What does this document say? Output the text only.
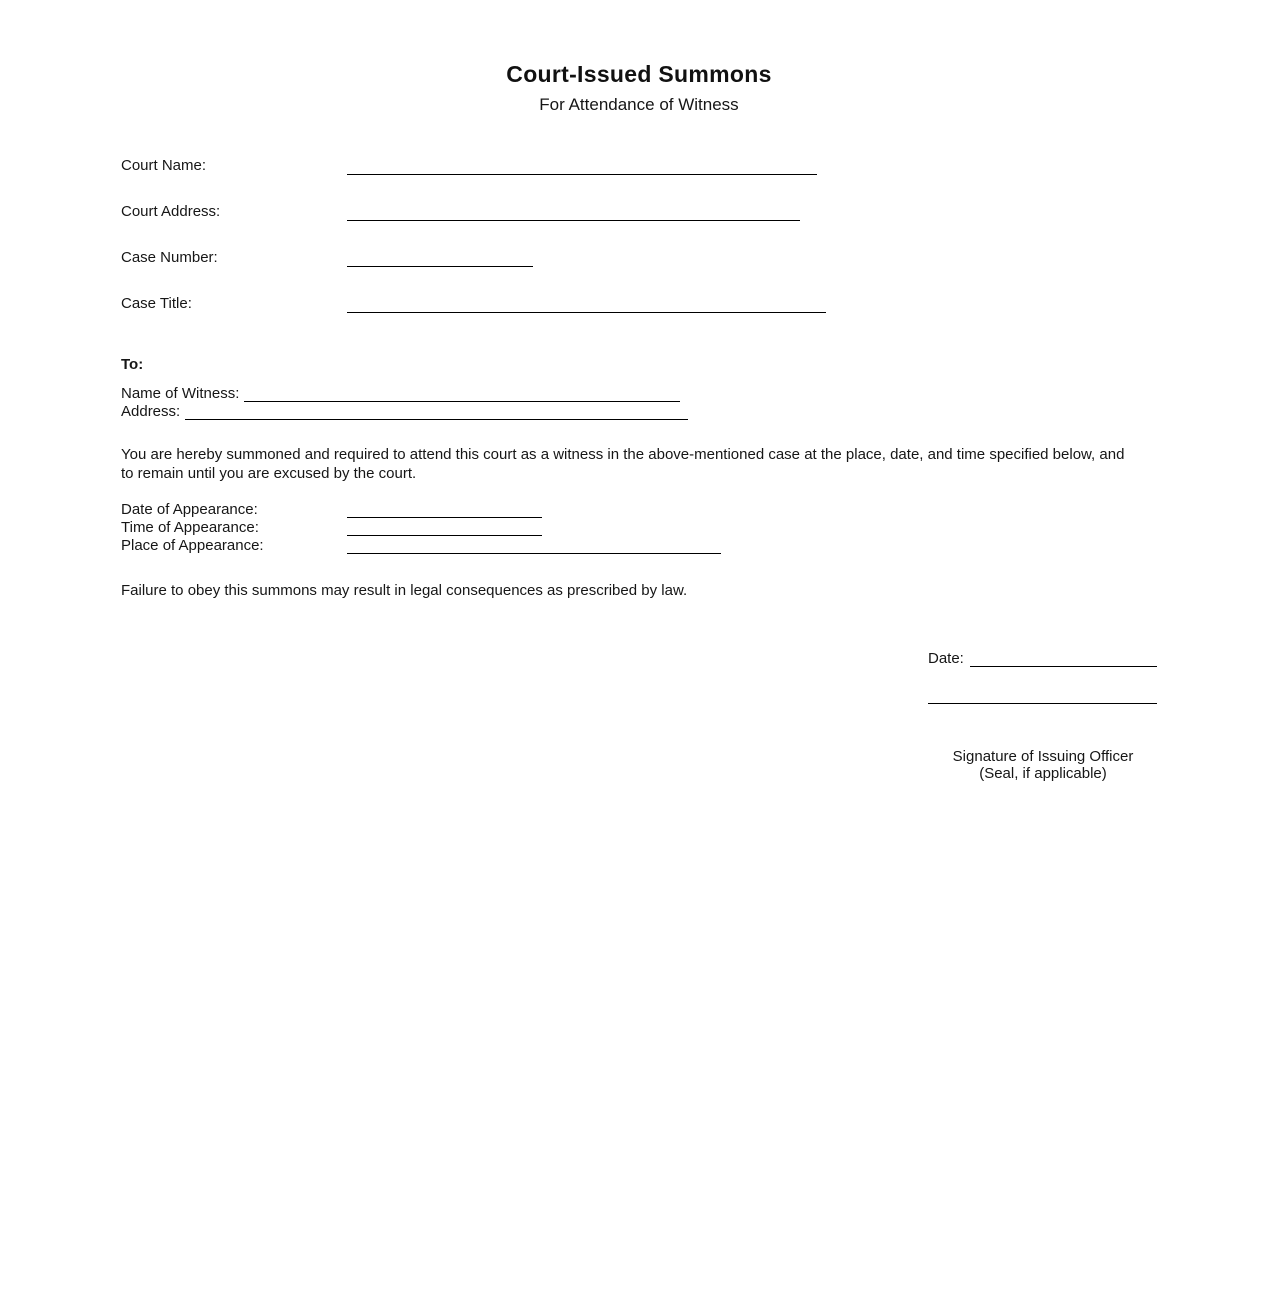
Court-Issued Summons
For Attendance of Witness
Court Name:
Court Address:
Case Number:
Case Title:
To:
Name of Witness:
Address:

You are hereby summoned and required to attend this court as a witness in the above-mentioned case at the place, date, and time specified below, and to remain until you are excused by the court.

Date of Appearance:
Time of Appearance:
Place of Appearance:

Failure to obey this summons may result in legal consequences as prescribed by law.

Date:
Signature of Issuing Officer
(Seal, if applicable)
